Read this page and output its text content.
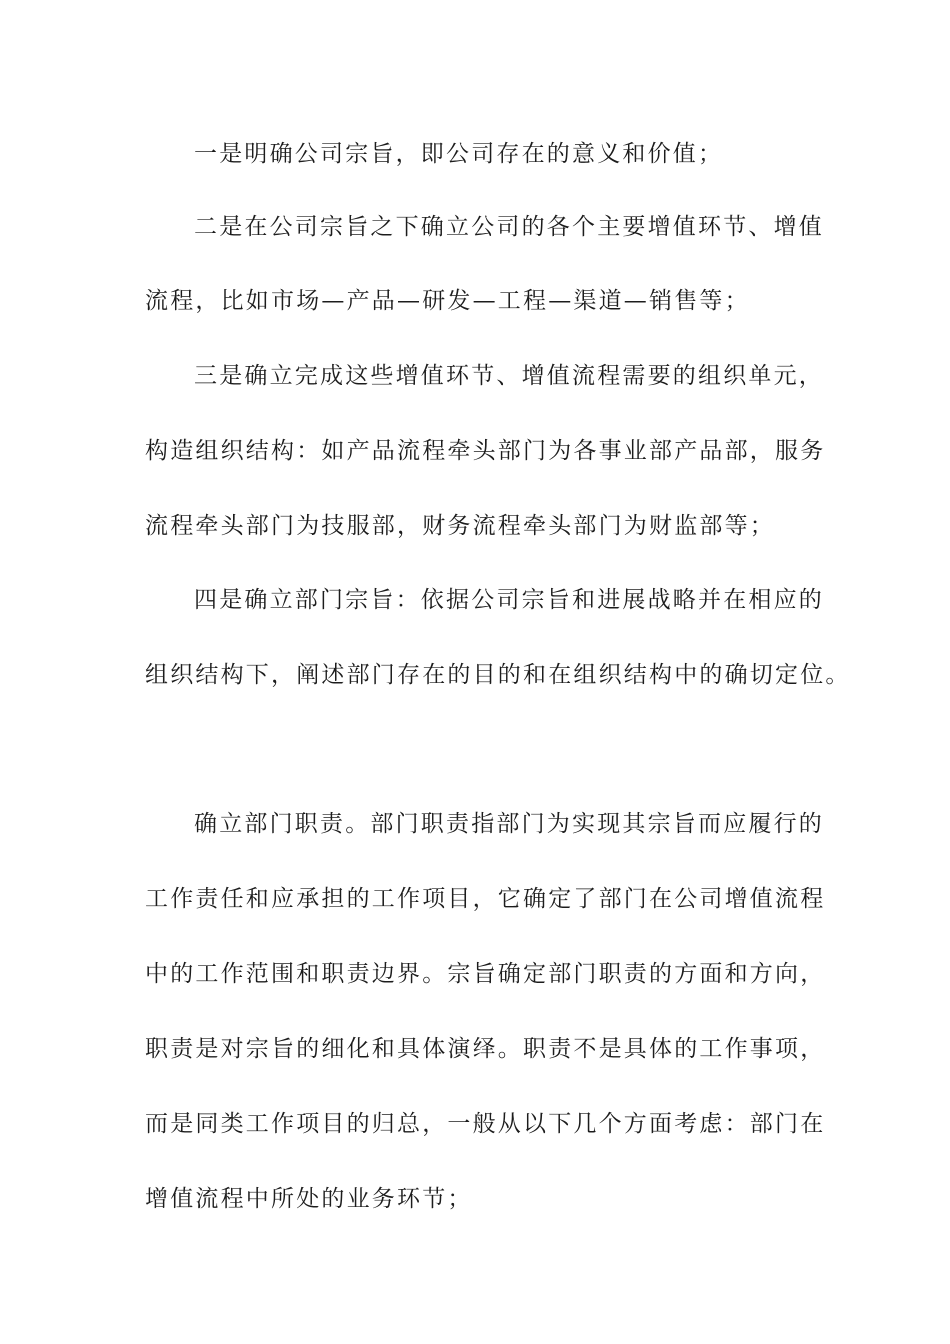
一是明确公司宗旨，即公司存在的意义和价值；
二是在公司宗旨之下确立公司的各个主要增值环节、增值
流程，比如市场—产品—研发—工程—渠道—销售等；
三是确立完成这些增值环节、增值流程需要的组织单元，
构造组织结构：如产品流程牵头部门为各事业部产品部，服务
流程牵头部门为技服部，财务流程牵头部门为财监部等；
四是确立部门宗旨：依据公司宗旨和进展战略并在相应的
组织结构下，阐述部门存在的目的和在组织结构中的确切定位。
确立部门职责。部门职责指部门为实现其宗旨而应履行的
工作责任和应承担的工作项目，它确定了部门在公司增值流程
中的工作范围和职责边界。宗旨确定部门职责的方面和方向，
职责是对宗旨的细化和具体演绎。职责不是具体的工作事项，
而是同类工作项目的归总，一般从以下几个方面考虑：部门在
增值流程中所处的业务环节；
